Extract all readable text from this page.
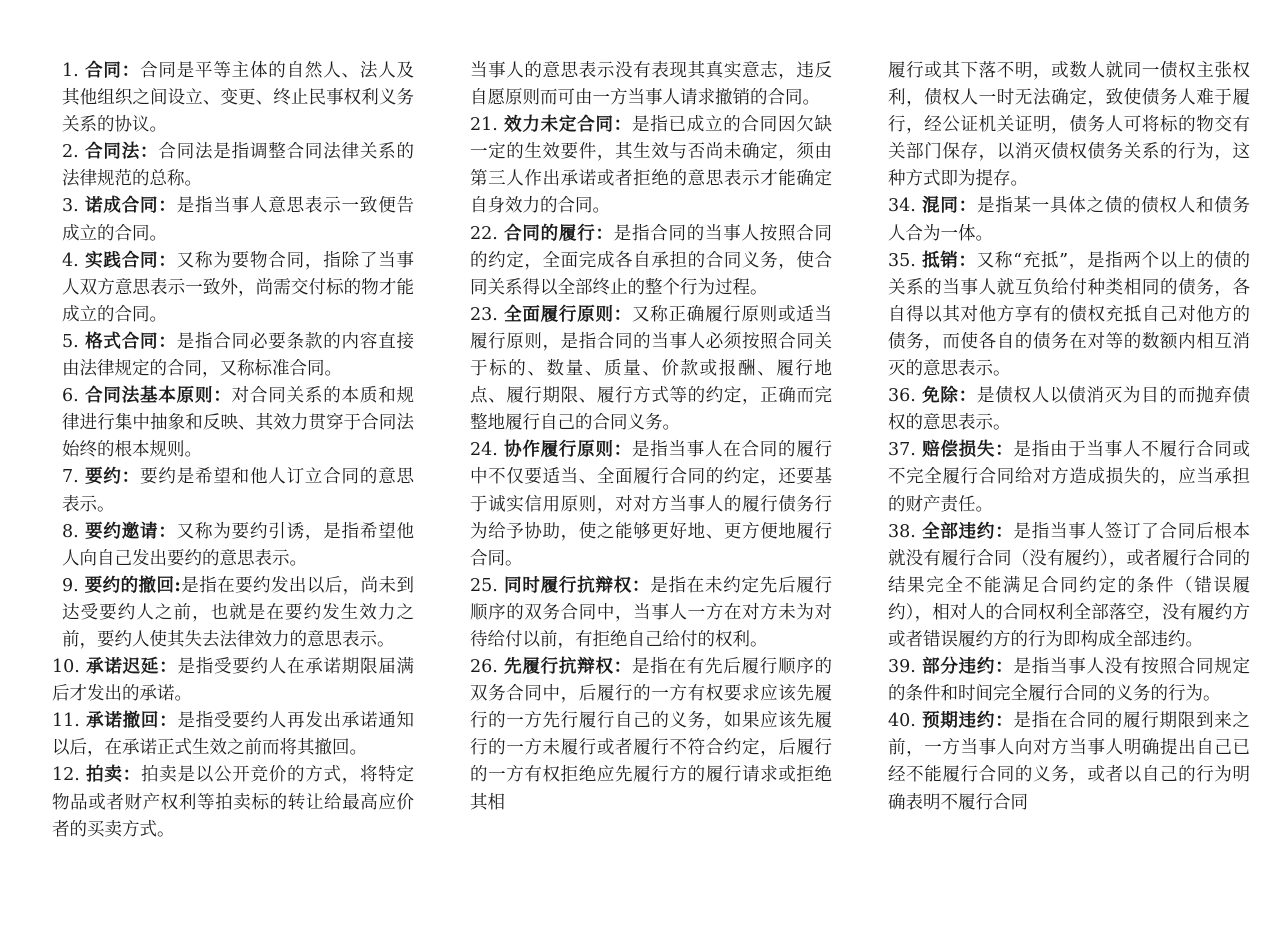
1. 合同：合同是平等主体的自然人、法人及其他组织之间设立、变更、终止民事权利义务关系的协议。

2. 合同法：合同法是指调整合同法律关系的法律规范的总称。

3. 诺成合同：是指当事人意思表示一致便告成立的合同。

4. 实践合同：又称为要物合同，指除了当事人双方意思表示一致外，尚需交付标的物才能成立的合同。

5. 格式合同：是指合同必要条款的内容直接由法律规定的合同，又称标准合同。

6. 合同法基本原则：对合同关系的本质和规律进行集中抽象和反映、其效力贯穿于合同法始终的根本规则。

7. 要约：要约是希望和他人订立合同的意思表示。

8. 要约邀请：又称为要约引诱，是指希望他人向自己发出要约的意思表示。

9. 要约的撤回:是指在要约发出以后，尚未到达受要约人之前，也就是在要约发生效力之前，要约人使其失去法律效力的意思表示。

10. 承诺迟延：是指受要约人在承诺期限届满后才发出的承诺。

11. 承诺撤回：是指受要约人再发出承诺通知以后，在承诺正式生效之前而将其撤回。

12. 拍卖：拍卖是以公开竞价的方式，将特定物品或者财产权利等拍卖标的转让给最高应价者的买卖方式。

当事人的意思表示没有表现其真实意志，违反自愿原则而可由一方当事人请求撤销的合同。

21. 效力未定合同：是指已成立的合同因欠缺一定的生效要件，其生效与否尚未确定，须由第三人作出承诺或者拒绝的意思表示才能确定自身效力的合同。

22. 合同的履行：是指合同的当事人按照合同的约定，全面完成各自承担的合同义务，使合同关系得以全部终止的整个行为过程。

23. 全面履行原则：又称正确履行原则或适当履行原则，是指合同的当事人必须按照合同关于标的、数量、质量、价款或报酬、履行地点、履行期限、履行方式等的约定，正确而完整地履行自己的合同义务。

24. 协作履行原则：是指当事人在合同的履行中不仅要适当、全面履行合同的约定，还要基于诚实信用原则，对对方当事人的履行债务行为给予协助，使之能够更好地、更方便地履行合同。

25. 同时履行抗辩权：是指在未约定先后履行顺序的双务合同中，当事人一方在对方未为对待给付以前，有拒绝自己给付的权利。

26. 先履行抗辩权：是指在有先后履行顺序的双务合同中，后履行的一方有权要求应该先履行的一方先行履行自己的义务，如果应该先履行的一方未履行或者履行不符合约定，后履行的一方有权拒绝应先履行方的履行请求或拒绝其相

履行或其下落不明，或数人就同一债权主张权利，债权人一时无法确定，致使债务人难于履行，经公证机关证明，债务人可将标的物交有关部门保存，以消灭债权债务关系的行为，这种方式即为提存。

34. 混同：是指某一具体之债的债权人和债务人合为一体。

35. 抵销：又称“充抵”，是指两个以上的债的关系的当事人就互负给付种类相同的债务，各自得以其对他方享有的债权充抵自己对他方的债务，而使各自的债务在对等的数额内相互消灭的意思表示。

36. 免除：是债权人以债消灭为目的而抛弃债权的意思表示。

37. 赔偿损失：是指由于当事人不履行合同或不完全履行合同给对方造成损失的，应当承担的财产责任。

38. 全部违约：是指当事人签订了合同后根本就没有履行合同（没有履约），或者履行合同的结果完全不能满足合同约定的条件（错误履约），相对人的合同权利全部落空，没有履约方或者错误履约方的行为即构成全部违约。

39. 部分违约：是指当事人没有按照合同规定的条件和时间完全履行合同的义务的行为。

40. 预期违约：是指在合同的履行期限到来之前，一方当事人向对方当事人明确提出自己已经不能履行合同的义务，或者以自己的行为明确表明不履行合同
